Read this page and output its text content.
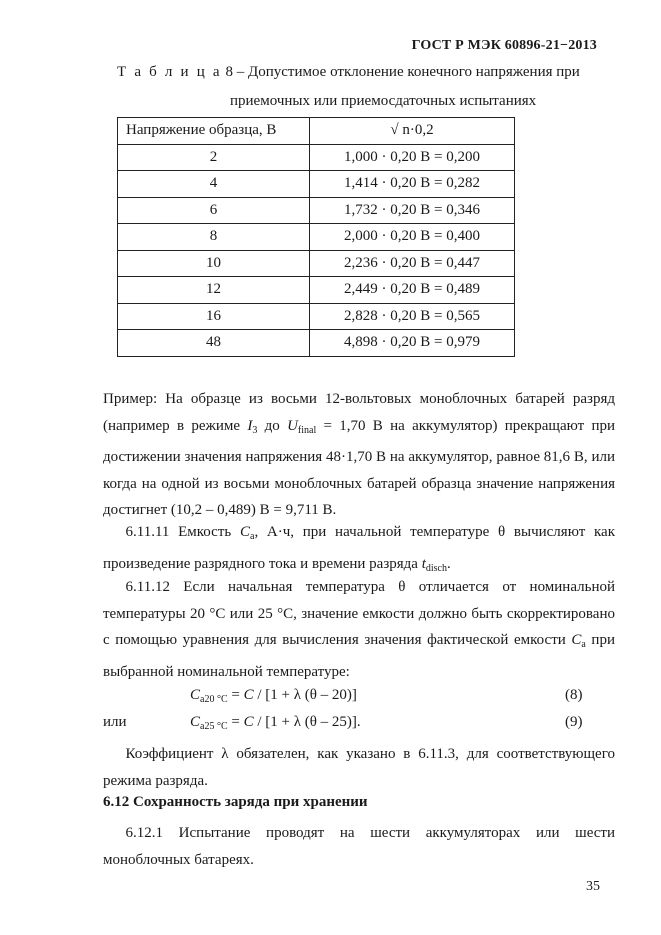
ГОСТ Р МЭК 60896-21−2013
Т а б л и ц а 8 – Допустимое отклонение конечного напряжения при
приемочных или приемосдаточных испытаниях
Напряжение образца, В	√ n·0,2
2	1,000 · 0,20 В = 0,200
4	1,414 · 0,20 В = 0,282
6	1,732 · 0,20 В = 0,346
8	2,000 · 0,20 В = 0,400
10	2,236 · 0,20 В = 0,447
12	2,449 · 0,20 В = 0,489
16	2,828 · 0,20 В = 0,565
48	4,898 · 0,20 В = 0,979

Пример: На образце из восьми 12-вольтовых моноблочных батарей разряд (например в режиме $I_3$ до $U_{final} = 1,70$ В на аккумулятор) прекращают при достижении значения напряжения 48·1,70 В на аккумулятор, равное 81,6 В, или когда на одной из восьми моноблочных батарей образца значение напряжения достигнет (10,2 – 0,489) В = 9,711 В.

  6.11.11 Емкость $C_a$, А·ч, при начальной температуре θ вычисляют как произведение разрядного тока и времени разряда $t_{disch}$.

  6.11.12 Если начальная температура θ отличается от номинальной температуры 20 °C или 25 °C, значение емкости должно быть скорректировано с помощью уравнения для вычисления значения фактической емкости $C_a$ при выбранной номинальной температуре:

$C_{a20 ^\circ C} = C / [1 + \lambda$ (θ – 20)]	(8)
или	$C_{a25 ^\circ C} = C / [1 + \lambda$ (θ – 25)].	(9)

  Коэффициент λ обязателен, как указано в 6.11.3, для соответствующего режима разряда.

6.12 Сохранность заряда при хранении

  6.12.1 Испытание проводят на шести аккумуляторах или шести моноблочных батареях.

35
